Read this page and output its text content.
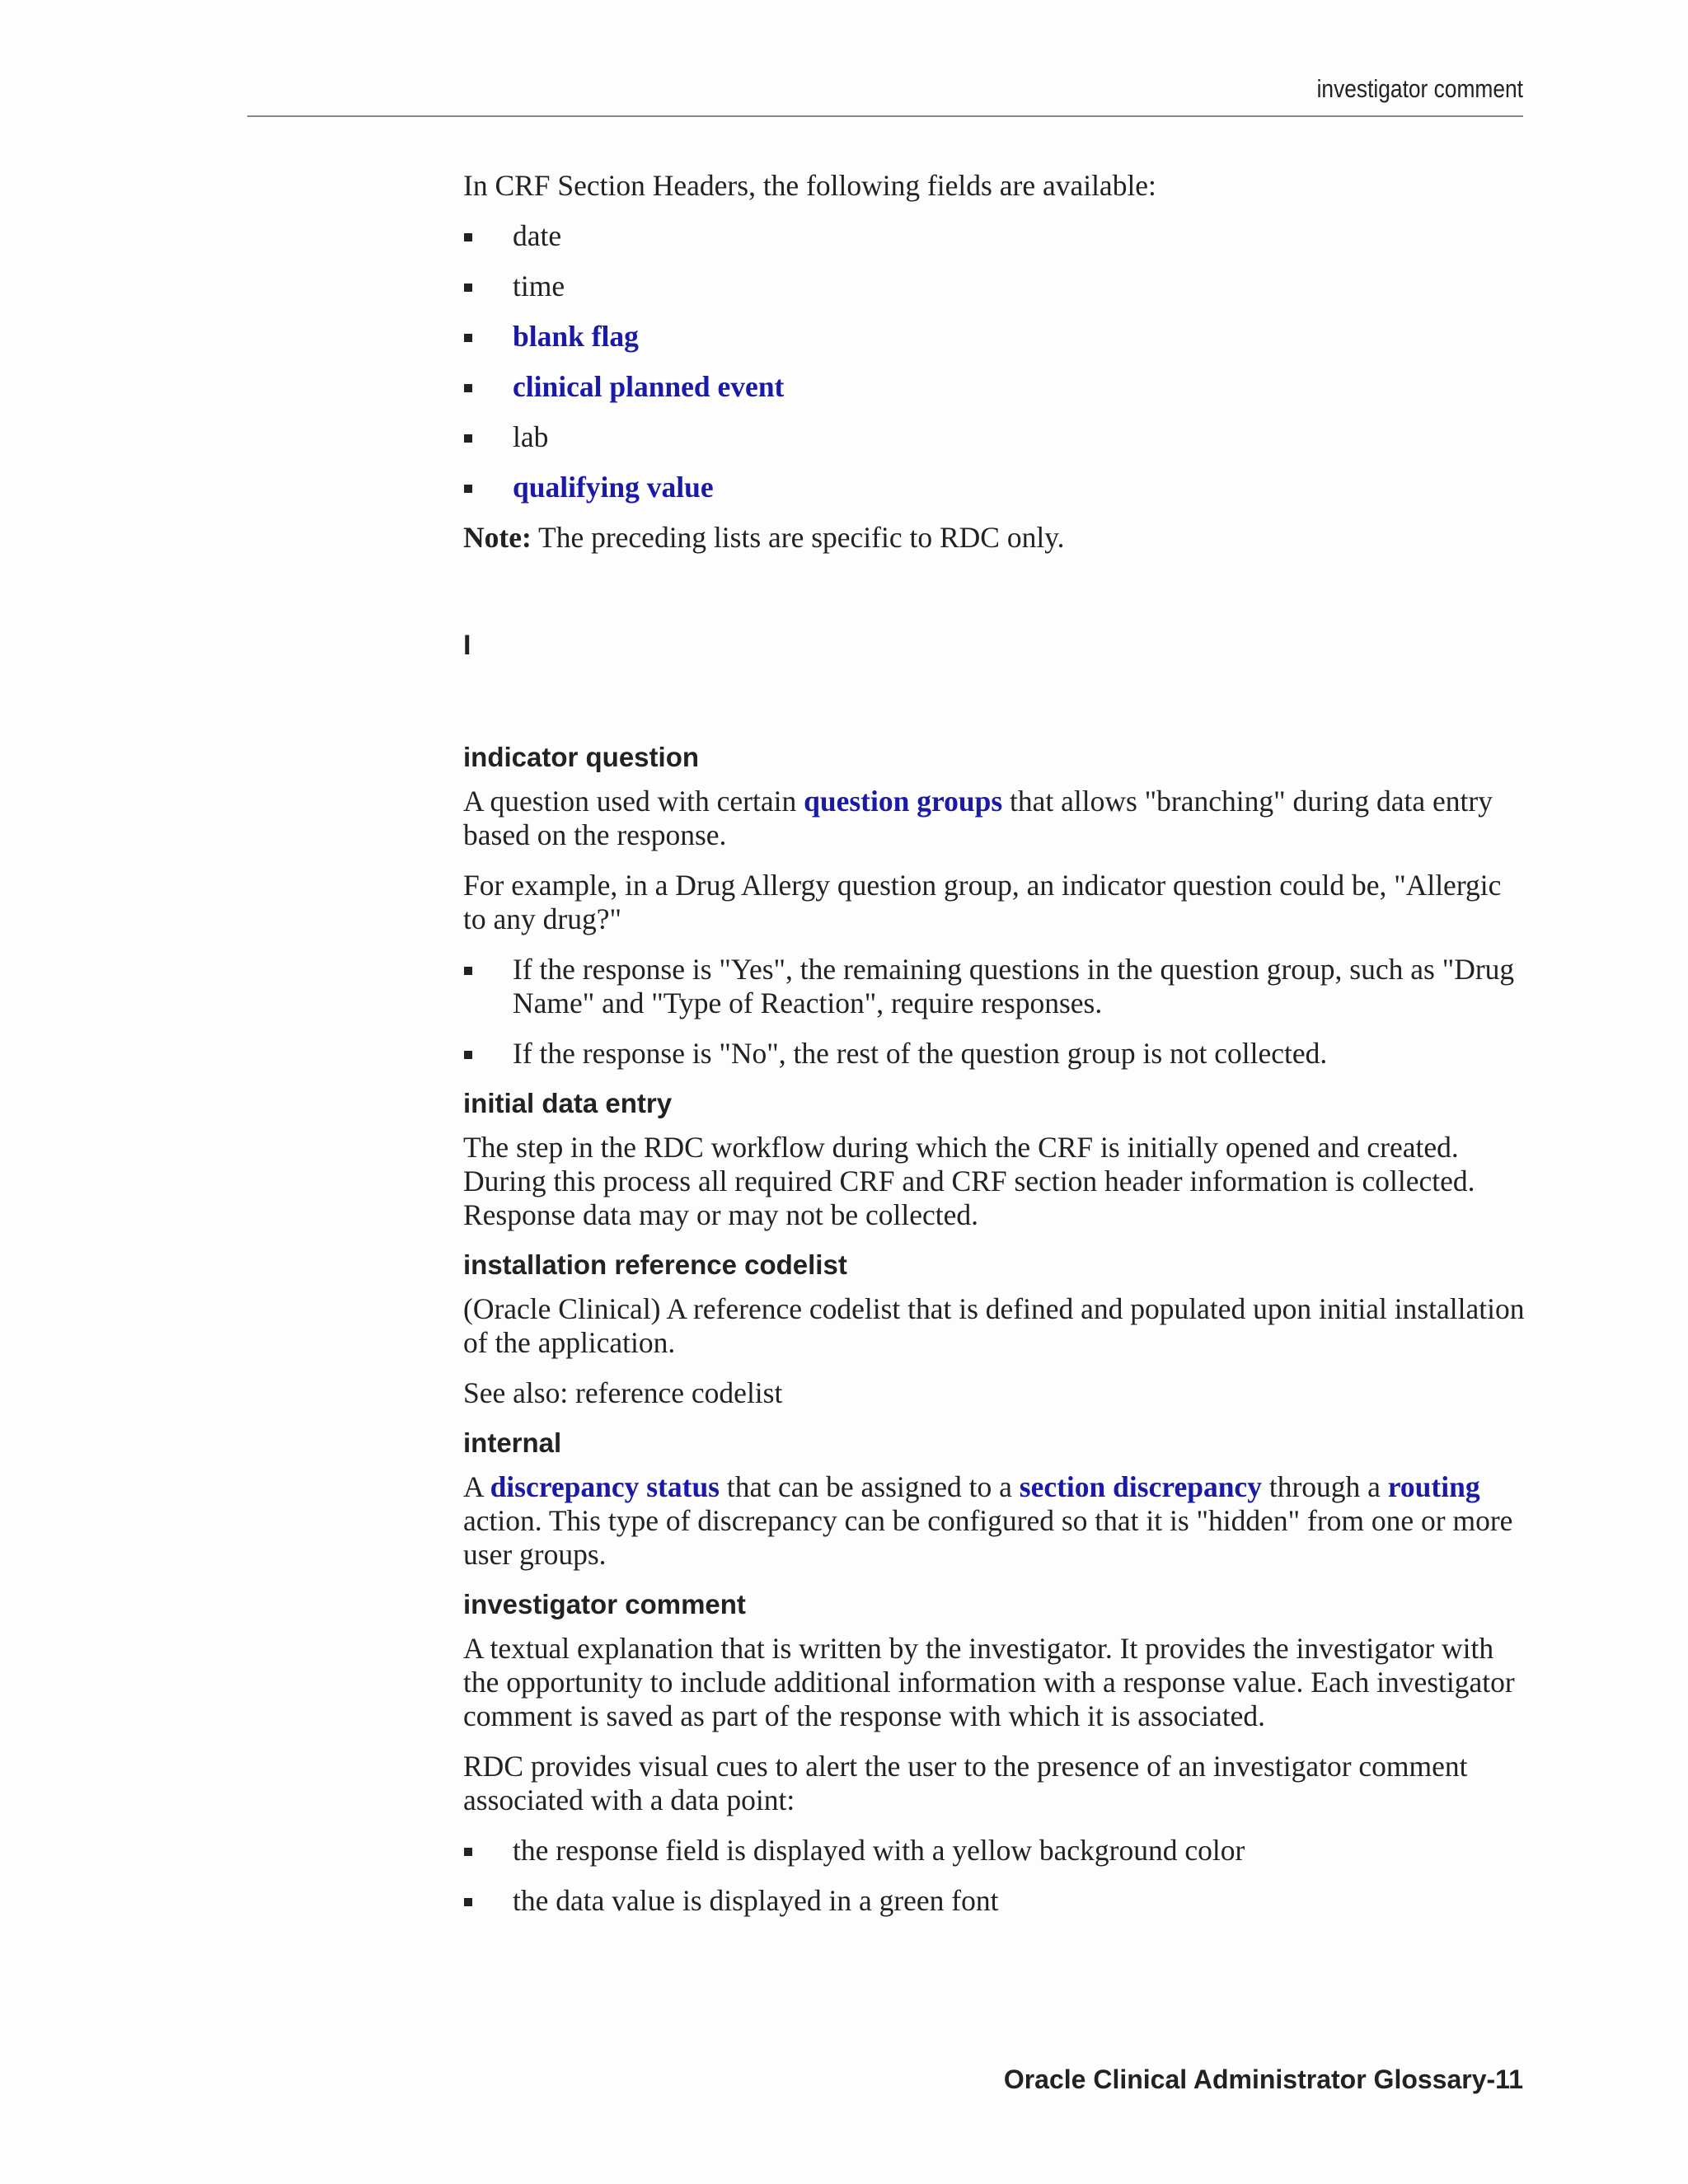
investigator comment

In CRF Section Headers, the following fields are available:

date
time
blank flag
clinical planned event
lab
qualifying value

Note: The preceding lists are specific to RDC only.

I
indicator question

A question used with certain question groups that allows "branching" during data entry based on the response.

For example, in a Drug Allergy question group, an indicator question could be, "Allergic to any drug?"

If the response is "Yes", the remaining questions in the question group, such as "Drug Name" and "Type of Reaction", require responses.
If the response is "No", the rest of the question group is not collected.
initial data entry

The step in the RDC workflow during which the CRF is initially opened and created. During this process all required CRF and CRF section header information is collected. Response data may or may not be collected.

installation reference codelist

(Oracle Clinical) A reference codelist that is defined and populated upon initial installation of the application.

See also: reference codelist

internal

A discrepancy status that can be assigned to a section discrepancy through a routing action. This type of discrepancy can be configured so that it is "hidden" from one or more user groups.

investigator comment

A textual explanation that is written by the investigator. It provides the investigator with the opportunity to include additional information with a response value. Each investigator comment is saved as part of the response with which it is associated.

RDC provides visual cues to alert the user to the presence of an investigator comment associated with a data point:

the response field is displayed with a yellow background color
the data value is displayed in a green font
Oracle Clinical Administrator Glossary-11
